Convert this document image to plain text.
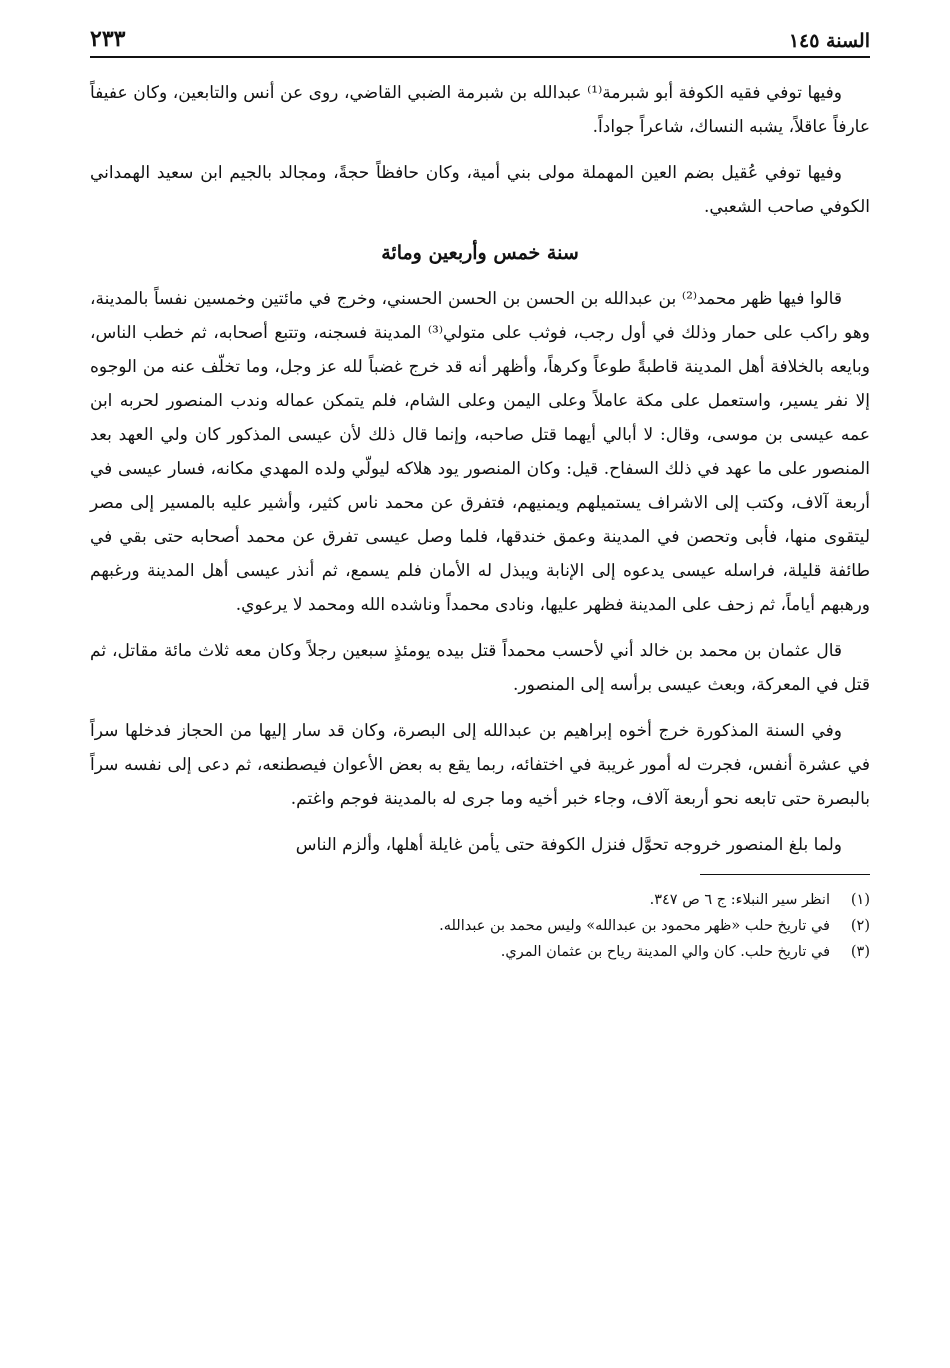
السنة ١٤٥
٢٣٣

وفيها توفي فقيه الكوفة أبو شبرمة⁽¹⁾ عبدالله بن شبرمة الضبي القاضي، روى عن أنس والتابعين، وكان عفيفاً عارفاً عاقلاً، يشبه النساك، شاعراً جواداً.

وفيها توفي عُقيل بضم العين المهملة مولى بني أمية، وكان حافظاً حجةً، ومجالد بالجيم ابن سعيد الهمداني الكوفي صاحب الشعبي.

سنة خمس وأربعين ومائة

قالوا فيها ظهر محمد⁽²⁾ بن عبدالله بن الحسن بن الحسن الحسني، وخرج في مائتين وخمسين نفساً بالمدينة، وهو راكب على حمار وذلك في أول رجب، فوثب على متولي⁽³⁾ المدينة فسجنه، وتتبع أصحابه، ثم خطب الناس، وبايعه بالخلافة أهل المدينة قاطبةً طوعاً وكرهاً، وأظهر أنه قد خرج غضباً لله عز وجل، وما تخلّف عنه من الوجوه إلا نفر يسير، واستعمل على مكة عاملاً وعلى اليمن وعلى الشام، فلم يتمكن عماله وندب المنصور لحربه ابن عمه عيسى بن موسى، وقال: لا أبالي أيهما قتل صاحبه، وإنما قال ذلك لأن عيسى المذكور كان ولي العهد بعد المنصور على ما عهد في ذلك السفاح. قيل: وكان المنصور يود هلاكه ليولّي ولده المهدي مكانه، فسار عيسى في أربعة آلاف، وكتب إلى الاشراف يستميلهم ويمنيهم، فتفرق عن محمد ناس كثير، وأشير عليه بالمسير إلى مصر ليتقوى منها، فأبى وتحصن في المدينة وعمق خندقها، فلما وصل عيسى تفرق عن محمد أصحابه حتى بقي في طائفة قليلة، فراسله عيسى يدعوه إلى الإنابة ويبذل له الأمان فلم يسمع، ثم أنذر عيسى أهل المدينة ورغبهم ورهبهم أياماً، ثم زحف على المدينة فظهر عليها، ونادى محمداً وناشده الله ومحمد لا يرعوي.

قال عثمان بن محمد بن خالد أني لأحسب محمداً قتل بيده يومئذٍ سبعين رجلاً وكان معه ثلاث مائة مقاتل، ثم قتل في المعركة، وبعث عيسى برأسه إلى المنصور.

وفي السنة المذكورة خرج أخوه إبراهيم بن عبدالله إلى البصرة، وكان قد سار إليها من الحجاز فدخلها سراً في عشرة أنفس، فجرت له أمور غريبة في اختفائه، ربما يقع به بعض الأعوان فيصطنعه، ثم دعى إلى نفسه سراً بالبصرة حتى تابعه نحو أربعة آلاف، وجاء خبر أخيه وما جرى له بالمدينة فوجم واغتم.

ولما بلغ المنصور خروجه تحوَّل فنزل الكوفة حتى يأمن غايلة أهلها، وألزم الناس

(١)
انظر سير النبلاء: ج ٦ ص ٣٤٧.
(٢)
في تاريخ حلب «ظهر محمود بن عبدالله» وليس محمد بن عبدالله.
(٣)
في تاريخ حلب. كان والي المدينة رياح بن عثمان المري.
